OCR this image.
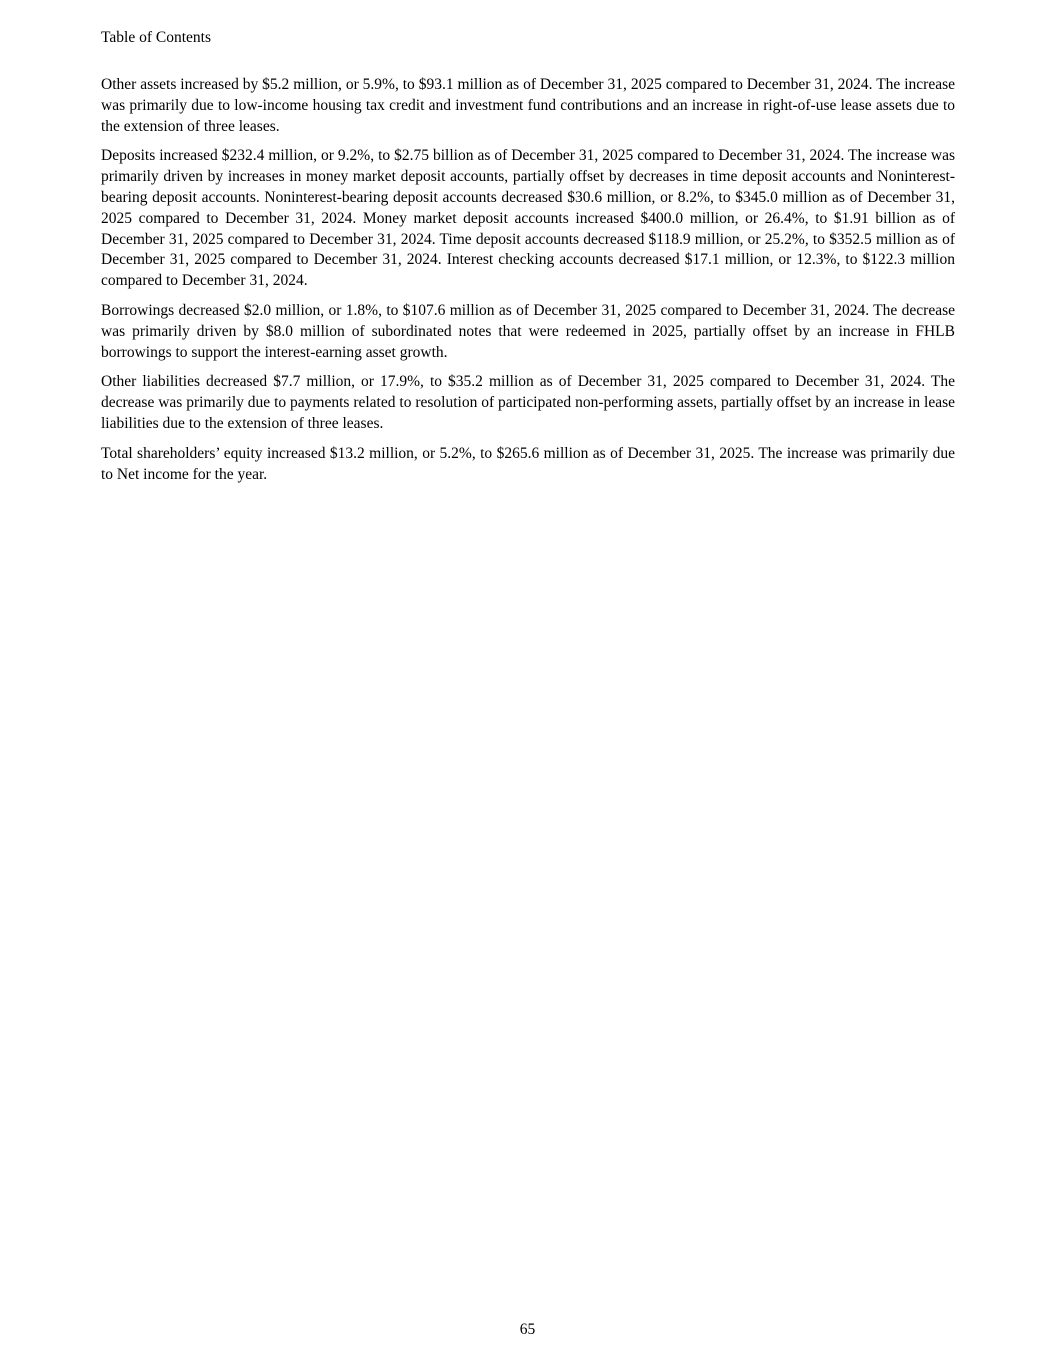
Table of Contents

Other assets increased by $5.2 million, or 5.9%, to $93.1 million as of December 31, 2025 compared to December 31, 2024. The increase was primarily due to low-income housing tax credit and investment fund contributions and an increase in right-of-use lease assets due to the extension of three leases.

Deposits increased $232.4 million, or 9.2%, to $2.75 billion as of December 31, 2025 compared to December 31, 2024. The increase was primarily driven by increases in money market deposit accounts, partially offset by decreases in time deposit accounts and Noninterest-bearing deposit accounts. Noninterest-bearing deposit accounts decreased $30.6 million, or 8.2%, to $345.0 million as of December 31, 2025 compared to December 31, 2024. Money market deposit accounts increased $400.0 million, or 26.4%, to $1.91 billion as of December 31, 2025 compared to December 31, 2024. Time deposit accounts decreased $118.9 million, or 25.2%, to $352.5 million as of December 31, 2025 compared to December 31, 2024. Interest checking accounts decreased $17.1 million, or 12.3%, to $122.3 million compared to December 31, 2024.

Borrowings decreased $2.0 million, or 1.8%, to $107.6 million as of December 31, 2025 compared to December 31, 2024. The decrease was primarily driven by $8.0 million of subordinated notes that were redeemed in 2025, partially offset by an increase in FHLB borrowings to support the interest-earning asset growth.

Other liabilities decreased $7.7 million, or 17.9%, to $35.2 million as of December 31, 2025 compared to December 31, 2024. The decrease was primarily due to payments related to resolution of participated non-performing assets, partially offset by an increase in lease liabilities due to the extension of three leases.

Total shareholders’ equity increased $13.2 million, or 5.2%, to $265.6 million as of December 31, 2025. The increase was primarily due to Net income for the year.

65
